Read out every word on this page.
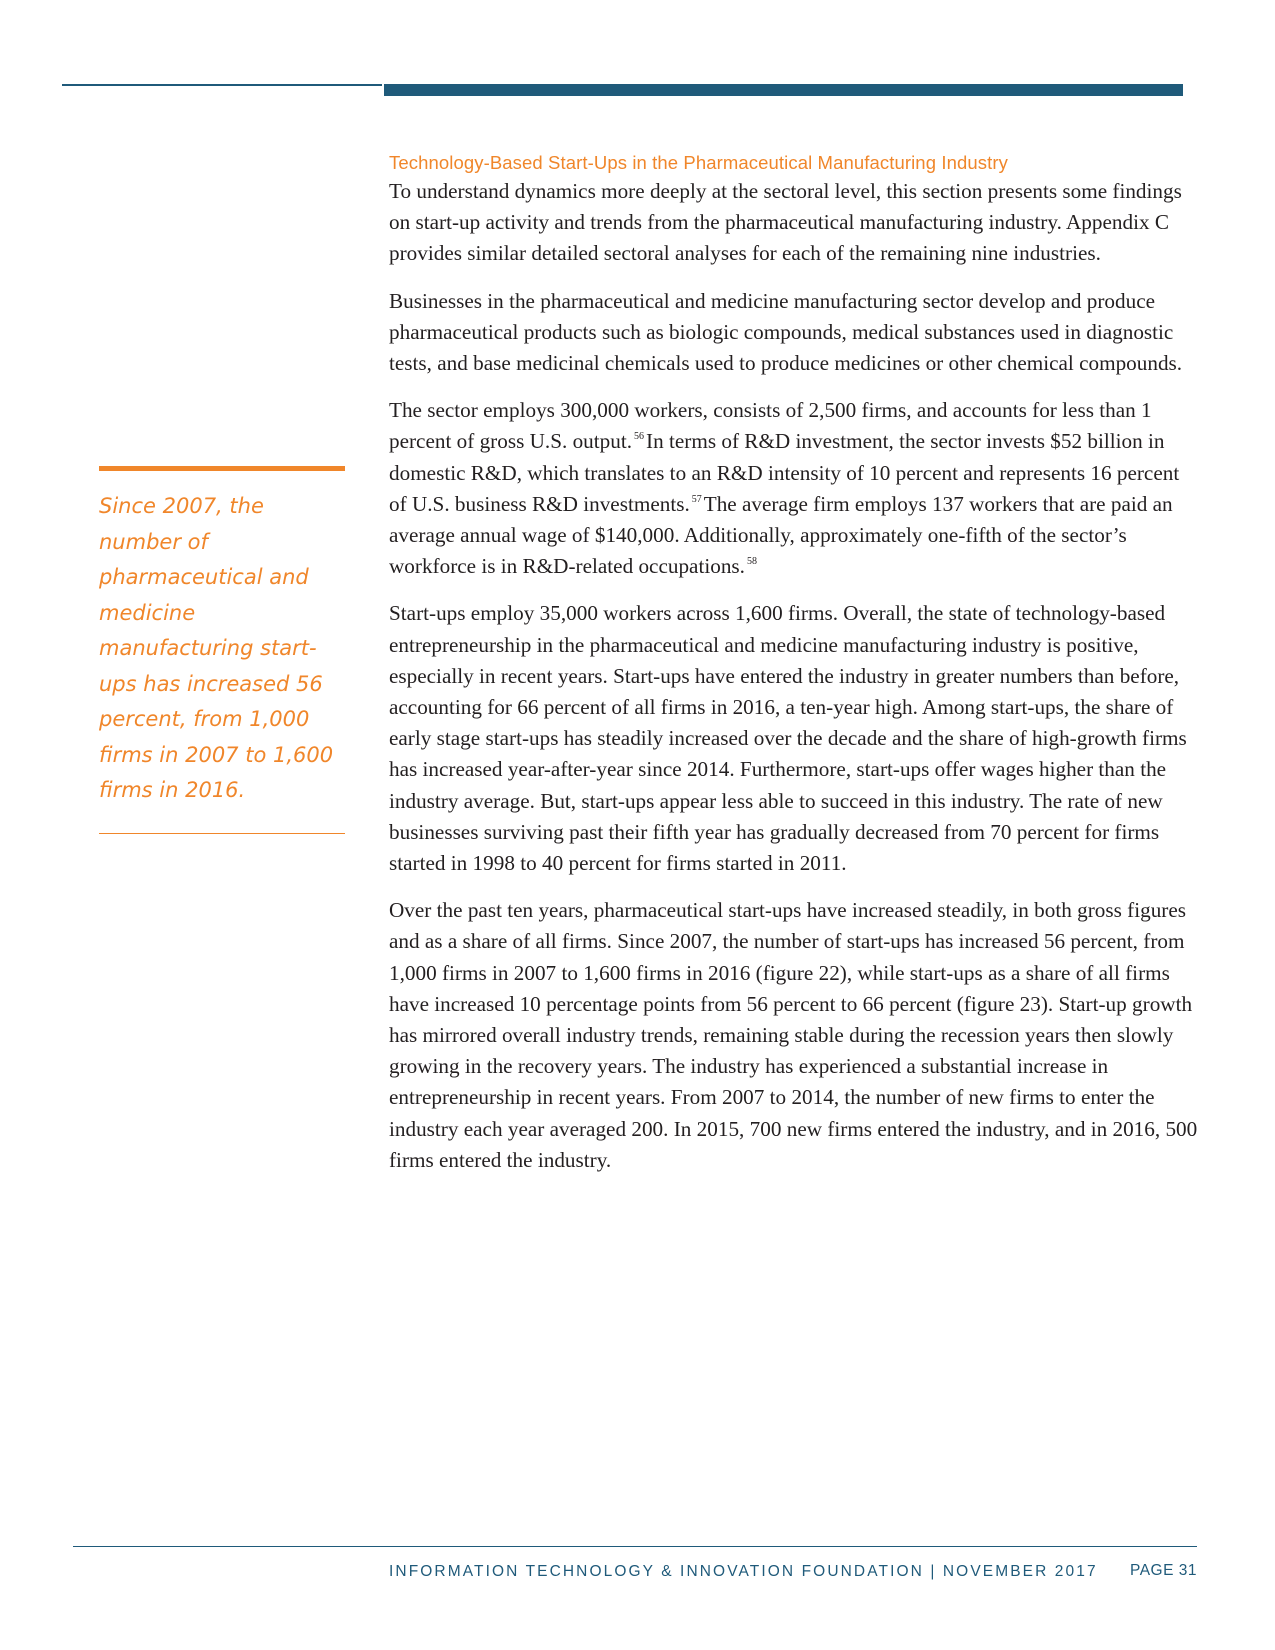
Technology-Based Start-Ups in the Pharmaceutical Manufacturing Industry

To understand dynamics more deeply at the sectoral level, this section presents some findings on start-up activity and trends from the pharmaceutical manufacturing industry. Appendix C provides similar detailed sectoral analyses for each of the remaining nine industries.

Businesses in the pharmaceutical and medicine manufacturing sector develop and produce pharmaceutical products such as biologic compounds, medical substances used in diagnostic tests, and base medicinal chemicals used to produce medicines or other chemical compounds.

The sector employs 300,000 workers, consists of 2,500 firms, and accounts for less than 1 percent of gross U.S. output. $^{56}$In terms of R&D investment, the sector invests $52 billion in domestic R&D, which translates to an R&D intensity of 10 percent and represents 16 percent of U.S. business R&D investments. $^{57}$The average firm employs 137 workers that are paid an average annual wage of $140,000. Additionally, approximately one-fifth of the sector’s workforce is in R&D-related occupations. $^{58}$

Start-ups employ 35,000 workers across 1,600 firms. Overall, the state of technology-based entrepreneurship in the pharmaceutical and medicine manufacturing industry is positive, especially in recent years. Start-ups have entered the industry in greater numbers than before, accounting for 66 percent of all firms in 2016, a ten-year high. Among start-ups, the share of early stage start-ups has steadily increased over the decade and the share of high-growth firms has increased year-after-year since 2014. Furthermore, start-ups offer wages higher than the industry average. But, start-ups appear less able to succeed in this industry. The rate of new businesses surviving past their fifth year has gradually decreased from 70 percent for firms started in 1998 to 40 percent for firms started in 2011.

Over the past ten years, pharmaceutical start-ups have increased steadily, in both gross figures and as a share of all firms. Since 2007, the number of start-ups has increased 56 percent, from 1,000 firms in 2007 to 1,600 firms in 2016 (figure 22), while start-ups as a share of all firms have increased 10 percentage points from 56 percent to 66 percent (figure 23). Start-up growth has mirrored overall industry trends, remaining stable during the recession years then slowly growing in the recovery years. The industry has experienced a substantial increase in entrepreneurship in recent years. From 2007 to 2014, the number of new firms to enter the industry each year averaged 200. In 2015, 700 new firms entered the industry, and in 2016, 500 firms entered the industry.

Since 2007, the number of pharmaceutical and medicine manufacturing start-ups has increased 56 percent, from 1,000 firms in 2007 to 1,600 firms in 2016.

INFORMATION TECHNOLOGY & INNOVATION FOUNDATION | NOVEMBER 2017 PAGE 31
